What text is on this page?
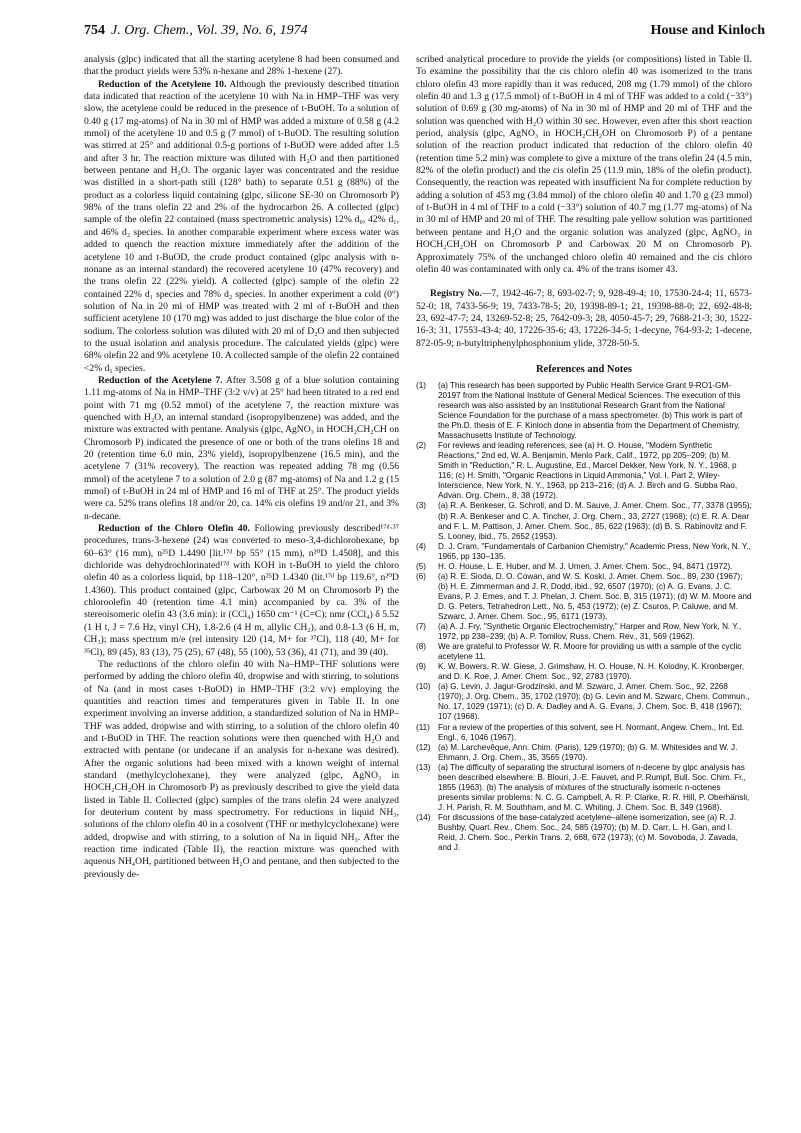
754 J. Org. Chem., Vol. 39, No. 6, 1974	House and Kinloch

analysis (glpc) indicated that all the starting acetylene 8 had been consumed and that the product yields were 53% n-hexane and 28% 1-hexene (27).

Reduction of the Acetylene 10. Although the previously described titration data indicated that reaction of the acetylene 10 with Na in HMP–THF was very slow, the acetylene could be reduced in the presence of t-BuOH. To a solution of 0.40 g (17 mg-atoms) of Na in 30 ml of HMP was added a mixture of 0.58 g (4.2 mmol) of the acetylene 10 and 0.5 g (7 mmol) of t-BuOD. The resulting solution was stirred at 25° and additional 0.5-g portions of t-BuOD were added after 1.5 and after 3 hr. The reaction mixture was diluted with H₂O and then partitioned between pentane and H₂O. The organic layer was concentrated and the residue was distilled in a short-path still (128° bath) to separate 0.51 g (88%) of the product as a colorless liquid containing (glpc, silicone SE-30 on Chromosorb P) 98% of the trans olefin 22 and 2% of the hydrocarbon 26. A collected (glpc) sample of the olefin 22 contained (mass spectrometric analysis) 12% d₀, 42% d₁, and 46% d₂ species. In another comparable experiment where excess water was added to quench the reaction mixture immediately after the addition of the acetylene 10 and t-BuOD, the crude product contained (glpc analysis with n-nonane as an internal standard) the recovered acetylene 10 (47% recovery) and the trans olefin 22 (22% yield). A collected (glpc) sample of the olefin 22 contained 22% d₁ species and 78% d₂ species. In another experiment a cold (0°) solution of Na in 20 ml of HMP was treated with 2 ml of t-BuOH and then sufficient acetylene 10 (170 mg) was added to just discharge the blue color of the sodium. The colorless solution was diluted with 20 ml of D₂O and then subjected to the usual isolation and analysis procedure. The calculated yields (glpc) were 68% olefin 22 and 9% acetylene 10. A collected sample of the olefin 22 contained <2% d₁ species.

Reduction of the Acetylene 7. After 3.508 g of a blue solution containing 1.11 mg-atoms of Na in HMP–THF (3:2 v/v) at 25° had been titrated to a red end point with 71 mg (0.52 mmol) of the acetylene 7, the reaction mixture was quenched with H₂O, an internal standard (isopropylbenzene) was added, and the mixture was extracted with pentane. Analysis (glpc, AgNO₃ in HOCH₂CH₂CH on Chromosorb P) indicated the presence of one or both of the trans olefins 18 and 20 (retention time 6.0 min, 23% yield), isopropylbenzene (16.5 min), and the acetylene 7 (31% recovery). The reaction was repeated adding 78 mg (0.56 mmol) of the acetylene 7 to a solution of 2.0 g (87 mg-atoms) of Na and 1.2 g (15 mmol) of t-BuOH in 24 ml of HMP and 16 ml of THF at 25°. The product yields were ca. 52% trans olefins 18 and/or 20, ca. 14% cis olefins 19 and/or 21, and 3% n-decane.

Reduction of the Chloro Olefin 40. Following previously described¹⁷ᵈ·³⁷ procedures, trans-3-hexene (24) was converted to meso-3,4-dichlorohexane, bp 60–63° (16 mm), n²⁵D 1.4490 [lit.¹⁷ᵈ bp 55° (15 mm), n²⁰D 1.4508], and this dichloride was dehydrochlorinated¹⁷ᵈ with KOH in t-BuOH to yield the chloro olefin 40 as a colorless liquid, bp 118–120°, n²⁵D 1.4340 (lit.¹⁷ᵈ bp 119.6°, n²⁰D 1.4360). This product contained (glpc, Carbowax 20 M on Chromosorb P) the chloroolefin 40 (retention time 4.1 min) accompanied by ca. 3% of the stereoisomeric olefin 43 (3.6 min): ir (CCl₄) 1650 cm⁻¹ (C=C); nmr (CCl₄) δ 5.52 (1 H t, J = 7.6 Hz, vinyl CH), 1.8-2.6 (4 H m, allylic CH₂), and 0.8-1.3 (6 H, m, CH₃); mass spectrum m/e (rel intensity 120 (14, M+ for ³⁷Cl), 118 (40, M+ for ³⁵Cl), 89 (45), 83 (13), 75 (25), 67 (48), 55 (100), 53 (36), 41 (71), and 39 (40).

The reductions of the chloro olefin 40 with Na–HMP–THF solutions were performed by adding the chloro olefin 40, dropwise and with stirring, to solutions of Na (and in most cases t-BuOD) in HMP–THF (3:2 v/v) employing the quantities and reaction times and temperatures given in Table II. In one experiment involving an inverse addition, a standardized solution of Na in HMP–THF was added, dropwise and with stirring, to a solution of the chloro olefin 40 and t-BuOD in THF. The reaction solutions were then quenched with H₂O and extracted with pentane (or undecane if an analysis for n-hexane was desired). After the organic solutions had been mixed with a known weight of internal standard (methylcyclohexane), they were analyzed (glpc, AgNO₃ in HOCH₂CH₂OH in Chromosorb P) as previously described to give the yield data listed in Table II. Collected (glpc) samples of the trans olefin 24 were analyzed for deuterium content by mass spectrometry. For reductions in liquid NH₃, solutions of the chloro olefin 40 in a cosolvent (THF or methylcyclohexane) were added, dropwise and with stirring, to a solution of Na in liquid NH₃. After the reaction time indicated (Table II), the reaction mixture was quenched with aqueous NH₄OH, partitioned between H₂O and pentane, and then subjected to the previously de-

scribed analytical procedure to provide the yields (or compositions) listed in Table II. To examine the possibility that the cis chloro olefin 40 was isomerized to the trans chloro olefin 43 more rapidly than it was reduced, 208 mg (1.79 mmol) of the chloro olefin 40 and 1.3 g (17.5 mmol) of t-BuOH in 4 ml of THF was added to a cold (−33°) solution of 0.69 g (30 mg-atoms) of Na in 30 ml of HMP and 20 ml of THF and the solution was quenched with H₂O within 30 sec. However, even after this short reaction period, analysis (glpc, AgNO₃ in HOCH₂CH₂OH on Chromosorb P) of a pentane solution of the reaction product indicated that reduction of the chloro olefin 40 (retention time 5.2 min) was complete to give a mixture of the trans olefin 24 (4.5 min, 82% of the olefin product) and the cis olefin 25 (11.9 min, 18% of the olefin product). Consequently, the reaction was repeated with insufficient Na for complete reduction by adding a solution of 453 mg (3.84 mmol) of the chloro olefin 40 and 1.70 g (23 mmol) of t-BuOH in 4 ml of THF to a cold (−33°) solution of 40.7 mg (1.77 mg-atoms) of Na in 30 ml of HMP and 20 ml of THF. The resulting pale yellow solution was partitioned between pentane and H₂O and the organic solution was analyzed (glpc, AgNO₃ in HOCH₂CH₂OH on Chromosorb P and Carbowax 20 M on Chromosorb P). Approximately 75% of the unchanged chloro olefin 40 remained and the cis chloro olefin 40 was contaminated with only ca. 4% of the trans isomer 43.

Registry No.—7, 1942-46-7; 8, 693-02-7; 9, 928-49-4; 10, 17530-24-4; 11, 6573-52-0; 18, 7433-56-9; 19, 7433-78-5; 20, 19398-89-1; 21, 19398-88-0; 22, 692-48-8; 23, 692-47-7; 24, 13269-52-8; 25, 7642-09-3; 28, 4050-45-7; 29, 7688-21-3; 30, 1522-16-3; 31, 17553-43-4; 40, 17226-35-6; 43, 17226-34-5; 1-decyne, 764-93-2; 1-decene, 872-05-9; n-butyltriphenylphosphonium ylide, 3728-50-5.

References and Notes
(1)	(a) This research has been supported by Public Health Service Grant 9-RO1-GM-20197 from the National Institute of General Medical Sciences. The execution of this research was also assisted by an Institutional Research Grant from the National Science Foundation for the purchase of a mass spectrometer. (b) This work is part of the Ph.D. thesis of E. F. Kinloch done in absentia from the Department of Chemistry, Massachusetts Institute of Technology.
(2)	For reviews and leading references, see (a) H. O. House, "Modern Synthetic Reactions," 2nd ed, W. A. Benjamin, Menlo Park, Calif., 1972, pp 205–209; (b) M. Smith in "Reduction," R. L. Augustine, Ed., Marcel Dekker, New York, N. Y., 1968, p 116; (c) H. Smith, "Organic Reactions in Liquid Ammonia," Vol. I, Part 2, Wiley-Interscience, New York, N. Y., 1963, pp 213–216; (d) A. J. Birch and G. Subba Rao, Advan. Org. Chem., 8, 38 (1972).
(3)	(a) R. A. Benkeser, G. Schroll, and D. M. Sauve, J. Amer. Chem. Soc., 77, 3378 (1955); (b) R. A. Benkeser and C. A. Tincher, J. Org. Chem., 33, 2727 (1968); (c) E. R. A. Dear and F. L. M. Pattison, J. Amer. Chem. Soc., 85, 622 (1963); (d) B. S. Rabinovitz and F. S. Looney, ibid., 75, 2652 (1953).
(4)	D. J. Cram, "Fundamentals of Carbanion Chemistry," Academic Press, New York, N. Y., 1965, pp 130–135.
(5)	H. O. House, L. E. Huber, and M. J. Umen, J. Amer. Chem. Soc., 94, 8471 (1972).
(6)	(a) R. E. Sioda, D. O. Cowan, and W. S. Koski, J. Amer. Chem. Soc., 89, 230 (1967); (b) H. E. Zimmerman and J. R. Dodd, ibid., 92, 6507 (1970); (c) A. G. Evans, J. C. Evans, P. J. Emes, and T. J. Phelan, J. Chem. Soc. B, 315 (1971); (d) W. M. Moore and D. G. Peters, Tetrahedron Lett., No. 5, 453 (1972); (e) Z. Csuros, P. Caluwe, and M. Szwarc, J. Amer. Chem. Soc., 95, 6171 (1973).
(7)	(a) A. J. Fry, "Synthetic Organic Electrochemistry," Harper and Row, New York, N. Y., 1972, pp 238–239; (b) A. P. Tomilov, Russ. Chem. Rev., 31, 569 (1962).
(8)	We are grateful to Professor W. R. Moore for providing us with a sample of the cyclic acetylene 11.
(9)	K. W. Bowers, R. W. Giese, J. Grimshaw, H. O. House, N. H. Kolodny, K. Kronberger, and D. K. Roe, J. Amer. Chem. Soc., 92, 2783 (1970).
(10) (a) G. Levin, J. Jagur-Grodzinski, and M. Szwarc, J. Amer. Chem. Soc., 92, 2268 (1970); J. Org. Chem., 35, 1702 (1970); (b) G. Levin and M. Szwarc, Chem. Commun., No. 17, 1029 (1971); (c) D. A. Dadley and A. G. Evans, J. Chem. Soc. B, 418 (1967); 107 (1968).
(11) For a review of the properties of this solvent, see H. Normant, Angew. Chem., Int. Ed. Engl., 6, 1046 (1967).
(12) (a) M. Larchevêque, Ann. Chim. (Paris), 129 (1970); (b) G. M. Whitesides and W. J. Ehmann, J. Org. Chem., 35, 3565 (1970).
(13) (a) The difficulty of separating the structural isomers of n-decene by glpc analysis has been described elsewhere: B. Blouri, J.-E. Fauvet, and P. Rumpf, Bull. Soc. Chim. Fr., 1855 (1963). (b) The analysis of mixtures of the structurally isomeric n-octenes presents similar problems: N. C. G. Campbell, A. R. P. Clarke, R. R. Hill, P. Oberhänsli, J. H. Parish, R. M. Southham, and M. C. Whiting, J. Chem. Soc. B, 349 (1968).
(14) For discussions of the base-catalyzed acetylene–allene isomerization, see (a) R. J. Bushby, Quart. Rev., Chem. Soc., 24, 585 (1970); (b) M. D. Carr, L. H. Gan, and I. Reid, J. Chem. Soc., Perkin Trans. 2, 668, 672 (1973); (c) M. Sovoboda, J. Zavada, and J.
